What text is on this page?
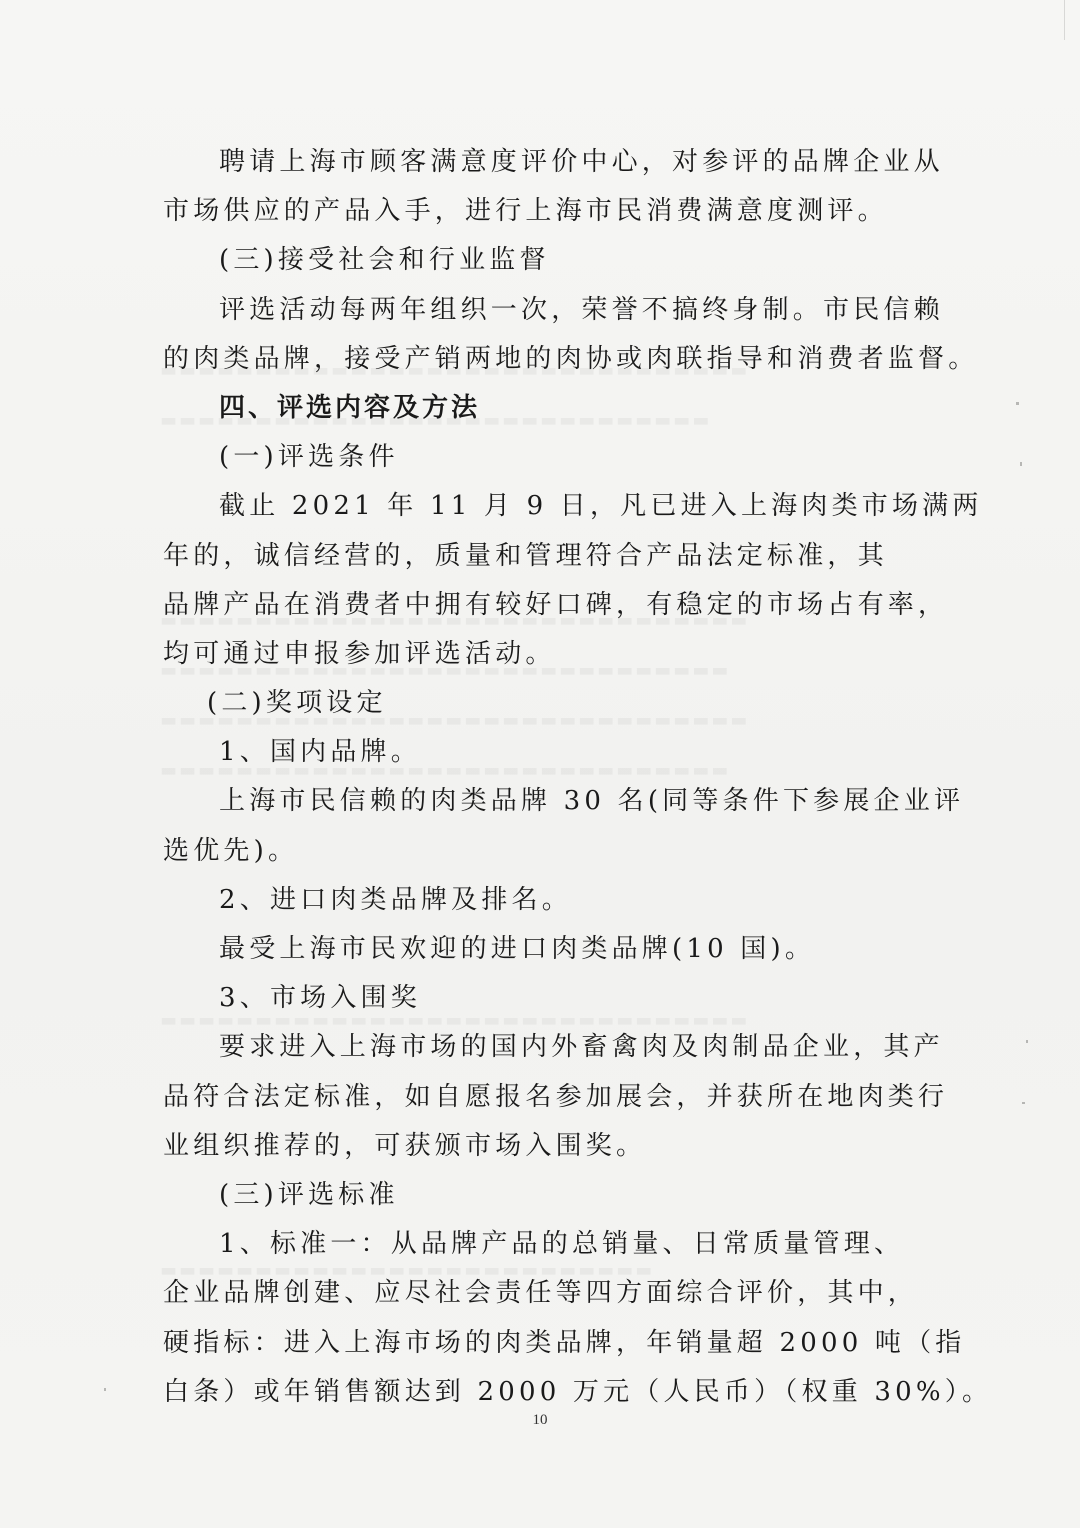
聘请上海市顾客满意度评价中心，对参评的品牌企业从
市场供应的产品入手，进行上海市民消费满意度测评。
(三)接受社会和行业监督
评选活动每两年组织一次，荣誉不搞终身制。市民信赖
的肉类品牌，接受产销两地的肉协或肉联指导和消费者监督。
四、评选内容及方法
(一)评选条件
截止 2021 年 11 月 9 日，凡已进入上海肉类市场满两
年的，诚信经营的，质量和管理符合产品法定标准，其
品牌产品在消费者中拥有较好口碑，有稳定的市场占有率，
均可通过申报参加评选活动。
(二)奖项设定
1、国内品牌。
上海市民信赖的肉类品牌 30 名(同等条件下参展企业评
选优先)。
2、进口肉类品牌及排名。
最受上海市民欢迎的进口肉类品牌(10 国)。
3、市场入围奖
要求进入上海市场的国内外畜禽肉及肉制品企业，其产
品符合法定标准，如自愿报名参加展会，并获所在地肉类行
业组织推荐的，可获颁市场入围奖。
(三)评选标准
1、标准一：从品牌产品的总销量、日常质量管理、
企业品牌创建、应尽社会责任等四方面综合评价，其中，
硬指标：进入上海市场的肉类品牌，年销量超 2000 吨（指
白条）或年销售额达到 2000 万元（人民币）（权重 30%）。
10
